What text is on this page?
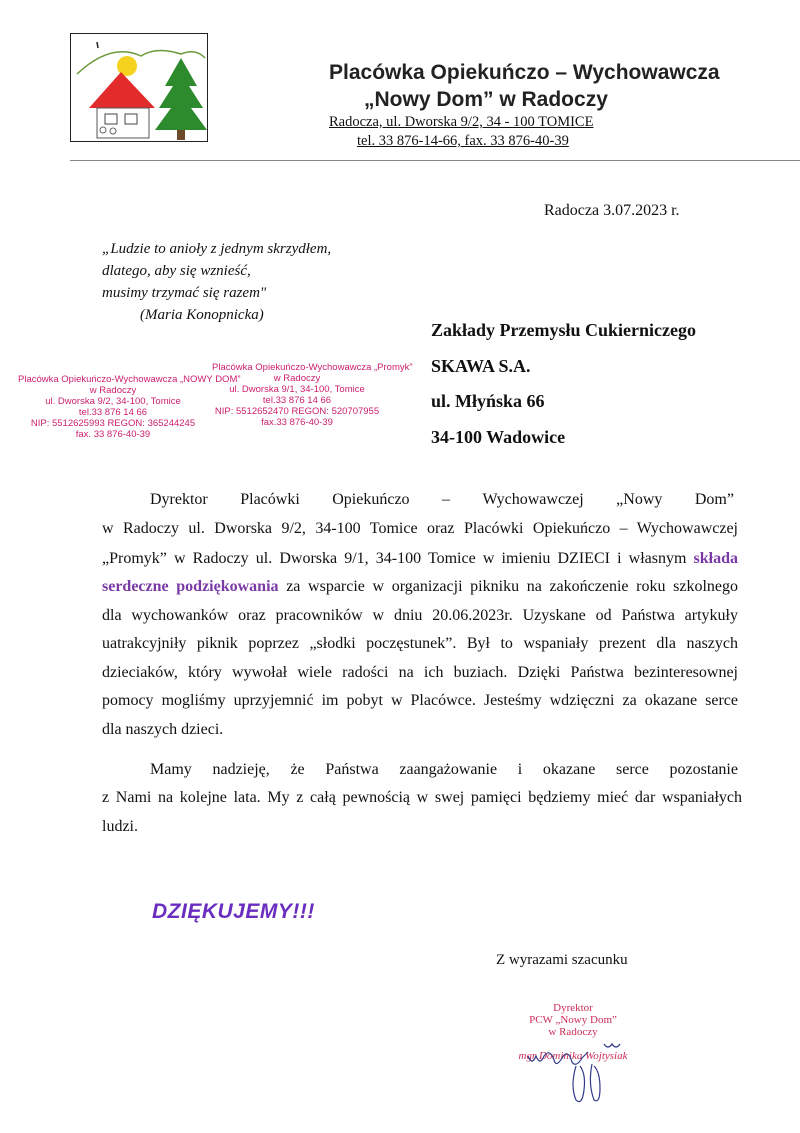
Placówka Opiekuńczo – Wychowawcza
„Nowy Dom” w Radoczy
Radocza, ul. Dworska 9/2, 34 - 100 TOMICE
tel. 33 876-14-66, fax. 33 876-40-39
Radocza 3.07.2023 r.
„Ludzie to anioły z jednym skrzydłem,
dlatego, aby się wznieść,
musimy trzymać się razem"
(Maria Konopnicka)
Zakłady Przemysłu Cukierniczego
SKAWA S.A.
ul. Młyńska 66
34-100 Wadowice
Placówka Opiekuńczo-Wychowawcza „NOWY DOM”
w Radoczy
ul. Dworska 9/2, 34-100, Tomice
tel.33 876 14 66
NIP: 5512625993 REGON: 365244245
fax. 33 876-40-39
Placówka Opiekuńczo-Wychowawcza „Promyk”
w Radoczy
ul. Dworska 9/1, 34-100, Tomice
tel.33 876 14 66
NIP: 5512652470 REGON: 520707955
fax.33 876-40-39
Dyrektor Placówki Opiekuńczo – Wychowawczej „Nowy Dom”
w Radoczy ul. Dworska 9/2, 34-100 Tomice oraz Placówki Opiekuńczo – Wychowawczej
„Promyk” w Radoczy ul. Dworska 9/1, 34-100 Tomice w imieniu DZIECI i własnym składa
serdeczne podziękowania za wsparcie w organizacji pikniku na zakończenie roku szkolnego
dla wychowanków oraz pracowników w dniu 20.06.2023r. Uzyskane od Państwa artykuły
uatrakcyjniły piknik poprzez „słodki poczęstunek”. Był to wspaniały prezent dla naszych
dzieciaków, który wywołał wiele radości na ich buziach. Dzięki Państwa bezinteresownej
pomocy mogliśmy uprzyjemnić im pobyt w Placówce. Jesteśmy wdzięczni za okazane serce
dla naszych dzieci.
Mamy nadzieję, że Państwa zaangażowanie i okazane serce pozostanie
z Nami na kolejne lata. My z całą pewnością w swej pamięci będziemy mieć dar wspaniałych
ludzi.
DZIĘKUJEMY!!!
Z wyrazami szacunku
Dyrektor
PCW „Nowy Dom”
w Radoczy
mgr Dominika Wojtysiak
